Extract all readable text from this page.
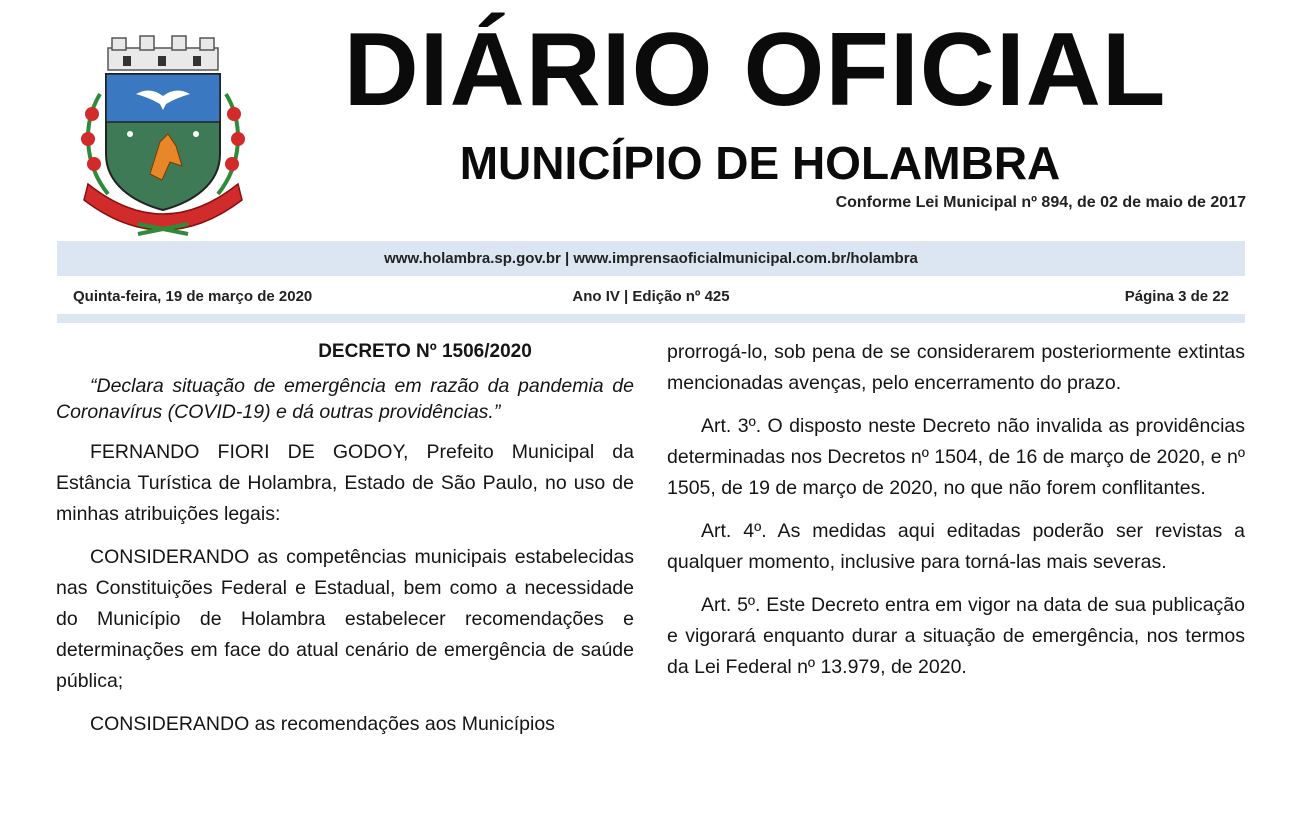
DIÁRIO OFICIAL
MUNICÍPIO DE HOLAMBRA
Conforme Lei Municipal nº 894, de 02 de maio de 2017
www.holambra.sp.gov.br | www.imprensaoficialmunicipal.com.br/holambra
Quinta-feira, 19 de março de 2020	Ano IV | Edição nº 425	Página 3 de 22
DECRETO Nº 1506/2020

“Declara situação de emergência em razão da pandemia de Coronavírus (COVID-19) e dá outras providências.”

FERNANDO FIORI DE GODOY, Prefeito Municipal da Estância Turística de Holambra, Estado de São Paulo, no uso de minhas atribuições legais:

CONSIDERANDO as competências municipais estabelecidas nas Constituições Federal e Estadual, bem como a necessidade do Município de Holambra estabelecer recomendações e determinações em face do atual cenário de emergência de saúde pública;

CONSIDERANDO as recomendações aos Municípios

prorrogá-lo, sob pena de se considerarem posteriormente extintas mencionadas avenças, pelo encerramento do prazo.

Art. 3º. O disposto neste Decreto não invalida as providências determinadas nos Decretos nº 1504, de 16 de março de 2020, e nº 1505, de 19 de março de 2020, no que não forem conflitantes.

Art. 4º. As medidas aqui editadas poderão ser revistas a qualquer momento, inclusive para torná-las mais severas.

Art. 5º. Este Decreto entra em vigor na data de sua publicação e vigorará enquanto durar a situação de emergência, nos termos da Lei Federal nº 13.979, de 2020.
